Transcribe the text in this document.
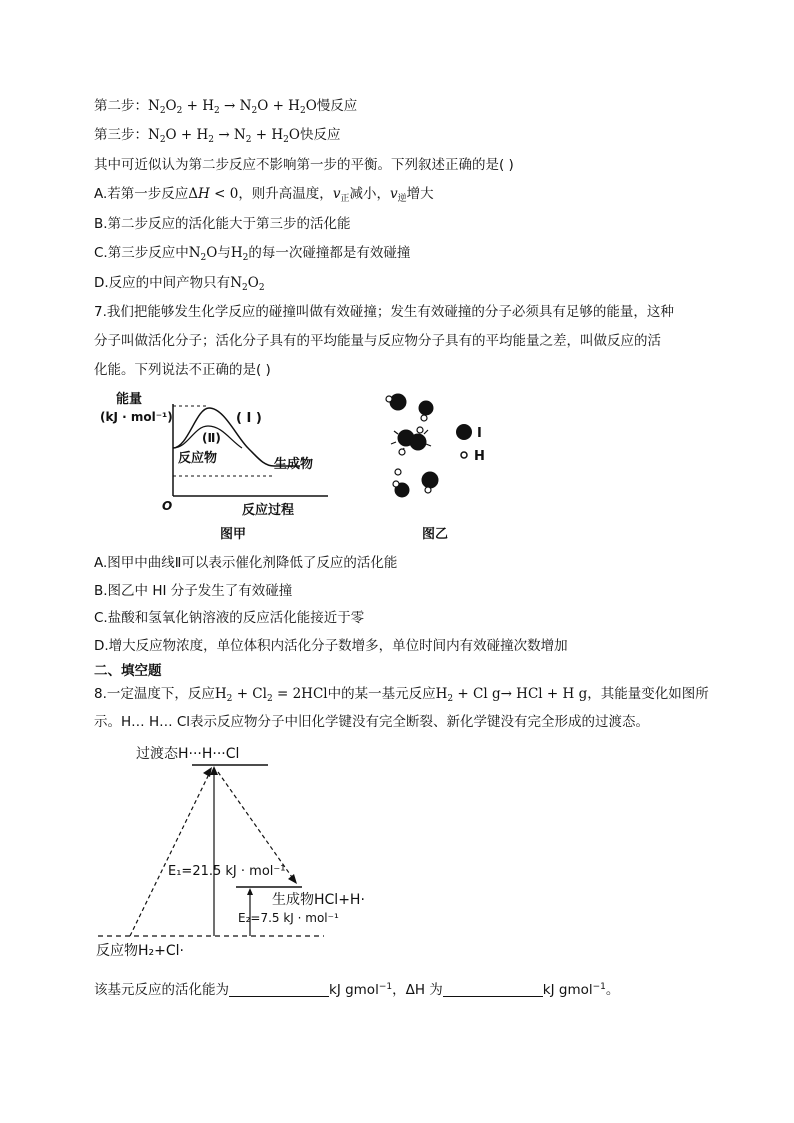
第二步：$N_2O_2 + H_2 \to N_2O + H_2O$慢反应
第三步：$N_2O + H_2 \to N_2 + H_2O$快反应
其中可近似认为第二步反应不影响第一步的平衡。下列叙述正确的是( )
A.若第一步反应ΔH < 0，则升高温度，$v_正$减小，$v_逆$增大
B.第二步反应的活化能大于第三步的活化能
C.第三步反应中$N_2O$与$H_2$的每一次碰撞都是有效碰撞
D.反应的中间产物只有$N_2O_2$
7.我们把能够发生化学反应的碰撞叫做有效碰撞；发生有效碰撞的分子必须具有足够的能量，这种
分子叫做活化分子；活化分子具有的平均能量与反应物分子具有的平均能量之差，叫做反应的活
化能。下列说法不正确的是( )
能量
(kJ · mol⁻¹)	( I )
(Ⅱ)
反应物	生成物
O	反应过程
图甲
I
H
图乙
A.图甲中曲线Ⅱ可以表示催化剂降低了反应的活化能
B.图乙中 HI 分子发生了有效碰撞
C.盐酸和氢氧化钠溶液的反应活化能接近于零
D.增大反应物浓度，单位体积内活化分子数增多，单位时间内有效碰撞次数增加
二、填空题
8.一定温度下，反应$H_2 + Cl_2 = 2HCl$中的某一基元反应$H_2 + Cl$ g→ HCl + H g，其能量变化如图所
示。H… H… Cl表示反应物分子中旧化学键没有完全断裂、新化学键没有完全形成的过渡态。
过渡态H···H···Cl
E₁=21.5 kJ · mol⁻¹
生成物HCl+H·
E₂=7.5 kJ · mol⁻¹
反应物H₂+Cl·
该基元反应的活化能为	kJ gmol$^{-1}$，ΔH 为	kJ gmol$^{-1}$。
